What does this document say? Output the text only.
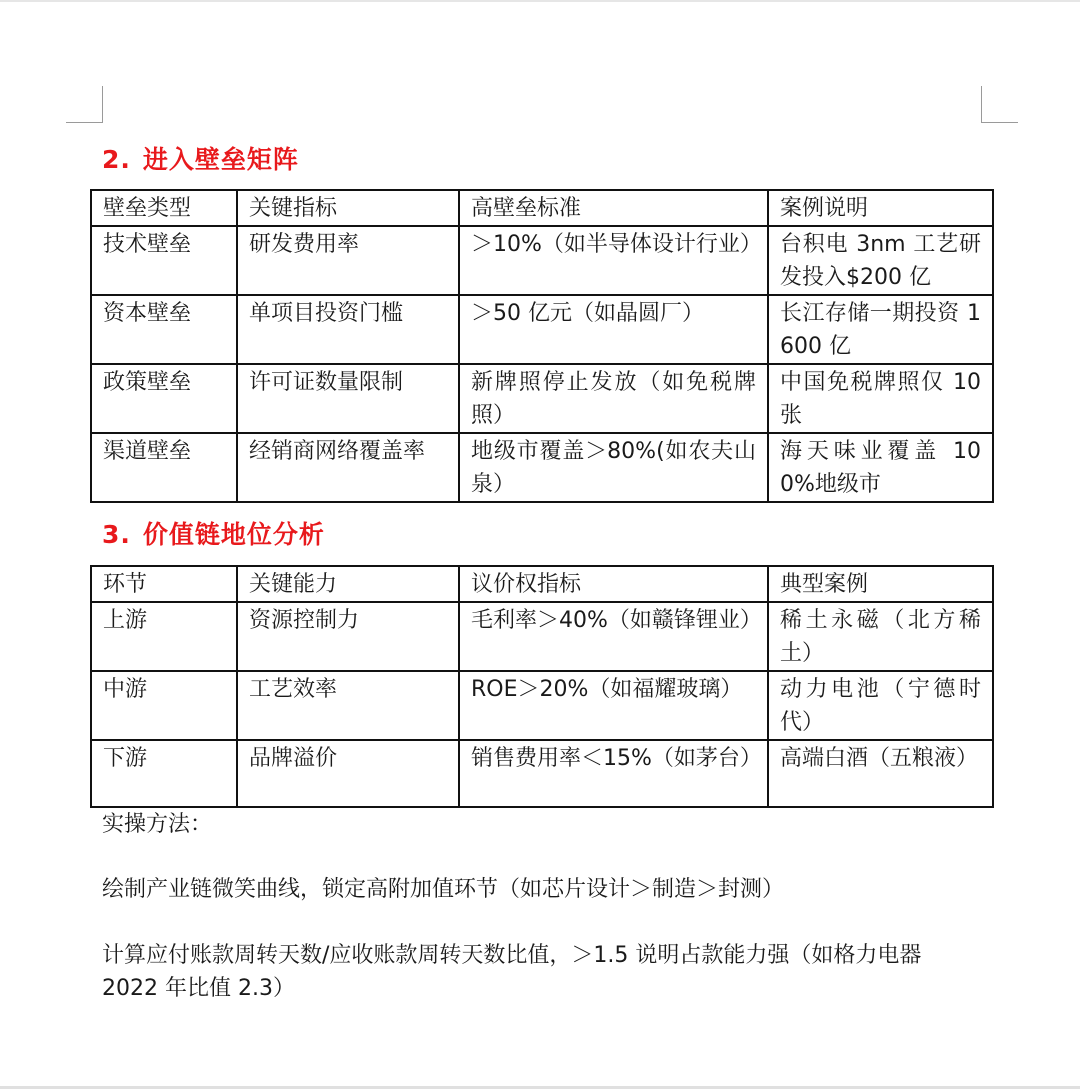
2. 进入壁垒矩阵
壁垒类型	关键指标	高壁垒标准	案例说明
技术壁垒	研发费用率	＞10%（如半导体设计行业）	台积电 3nm 工艺研发投入$200 亿
资本壁垒	单项目投资门槛	＞50 亿元（如晶圆厂）	长江存储一期投资 1600 亿
政策壁垒	许可证数量限制	新牌照停止发放（如免税牌照）	中国免税牌照仅 10 张
渠道壁垒	经销商网络覆盖率	地级市覆盖＞80%(如农夫山泉）	海天味业覆盖 100%地级市
3. 价值链地位分析
环节	关键能力	议价权指标	典型案例
上游	资源控制力	毛利率＞40%（如赣锋锂业）	稀土永磁（北方稀土）
中游	工艺效率	ROE＞20%（如福耀玻璃）	动力电池（宁德时代）
下游	品牌溢价	销售费用率＜15%（如茅台）	高端白酒（五粮液）
实操方法：
绘制产业链微笑曲线，锁定高附加值环节（如芯片设计＞制造＞封测）
计算应付账款周转天数/应收账款周转天数比值，＞1.5 说明占款能力强（如格力电器 2022 年比值 2.3）
